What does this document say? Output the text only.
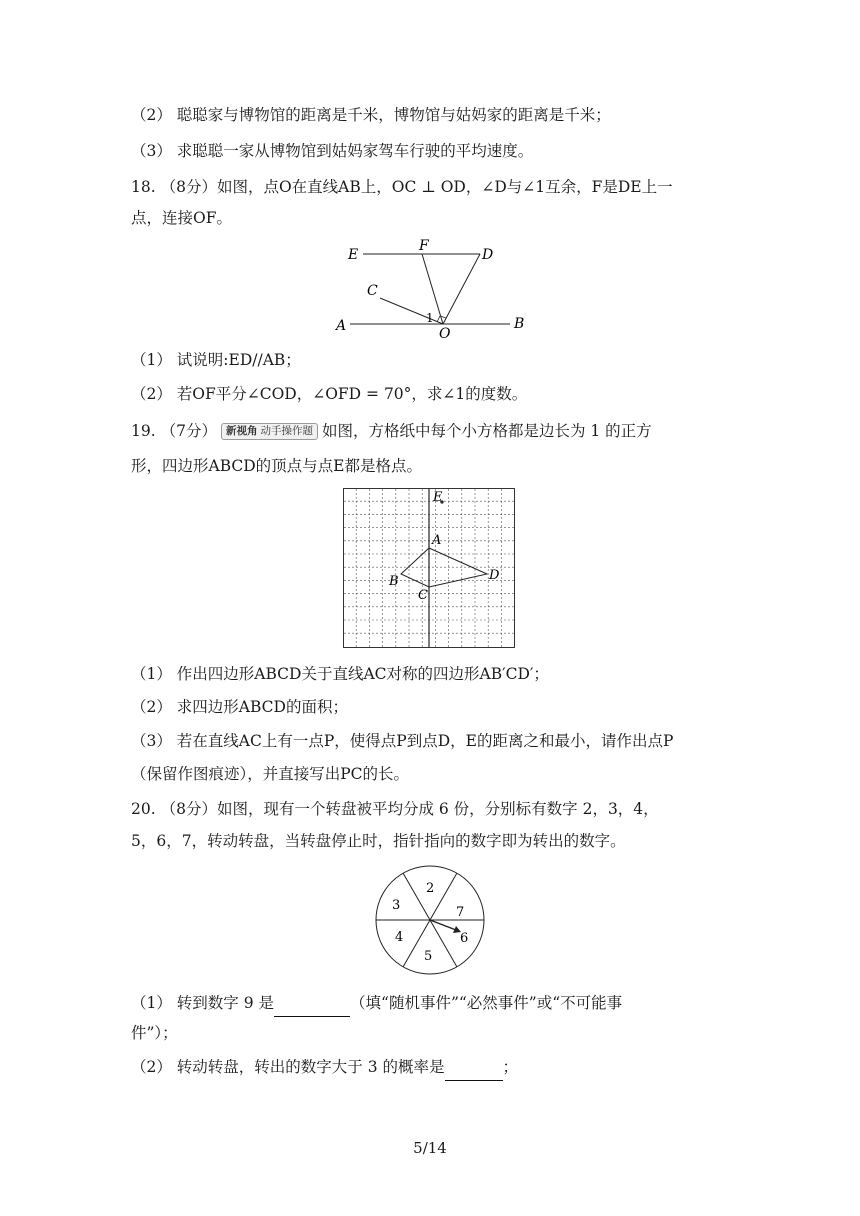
（2） 聪聪家与博物馆的距离是千米，博物馆与姑妈家的距离是千米；
（3） 求聪聪一家从博物馆到姑妈家驾车行驶的平均速度。
18. （8分）如图，点O在直线AB上，OC ⊥ OD，∠D与∠1互余，F是DE上一
点，连接OF。
E
F
D
C
A	B
O
1
（1） 试说明:ED//AB；
（2） 若OF平分∠COD，∠OFD = 70°，求∠1的度数。
19. （7分） 新视角 动手操作题 如图，方格纸中每个小方格都是边长为 1 的正方
形，四边形ABCD的顶点与点E都是格点。
E
A
B
C
D
（1） 作出四边形ABCD关于直线AC对称的四边形AB′CD′；
（2） 求四边形ABCD的面积；
（3） 若在直线AC上有一点P，使得点P到点D，E的距离之和最小，请作出点P
（保留作图痕迹），并直接写出PC的长。
20. （8分）如图，现有一个转盘被平均分成 6 份，分别标有数字 2，3，4，
5，6，7，转动转盘，当转盘停止时，指针指向的数字即为转出的数字。
2
7
6
5
4
3
（1） 转到数字 9 是	（填“随机事件”“必然事件”或“不可能事
件”）；
（2） 转动转盘，转出的数字大于 3 的概率是	；
5/14
